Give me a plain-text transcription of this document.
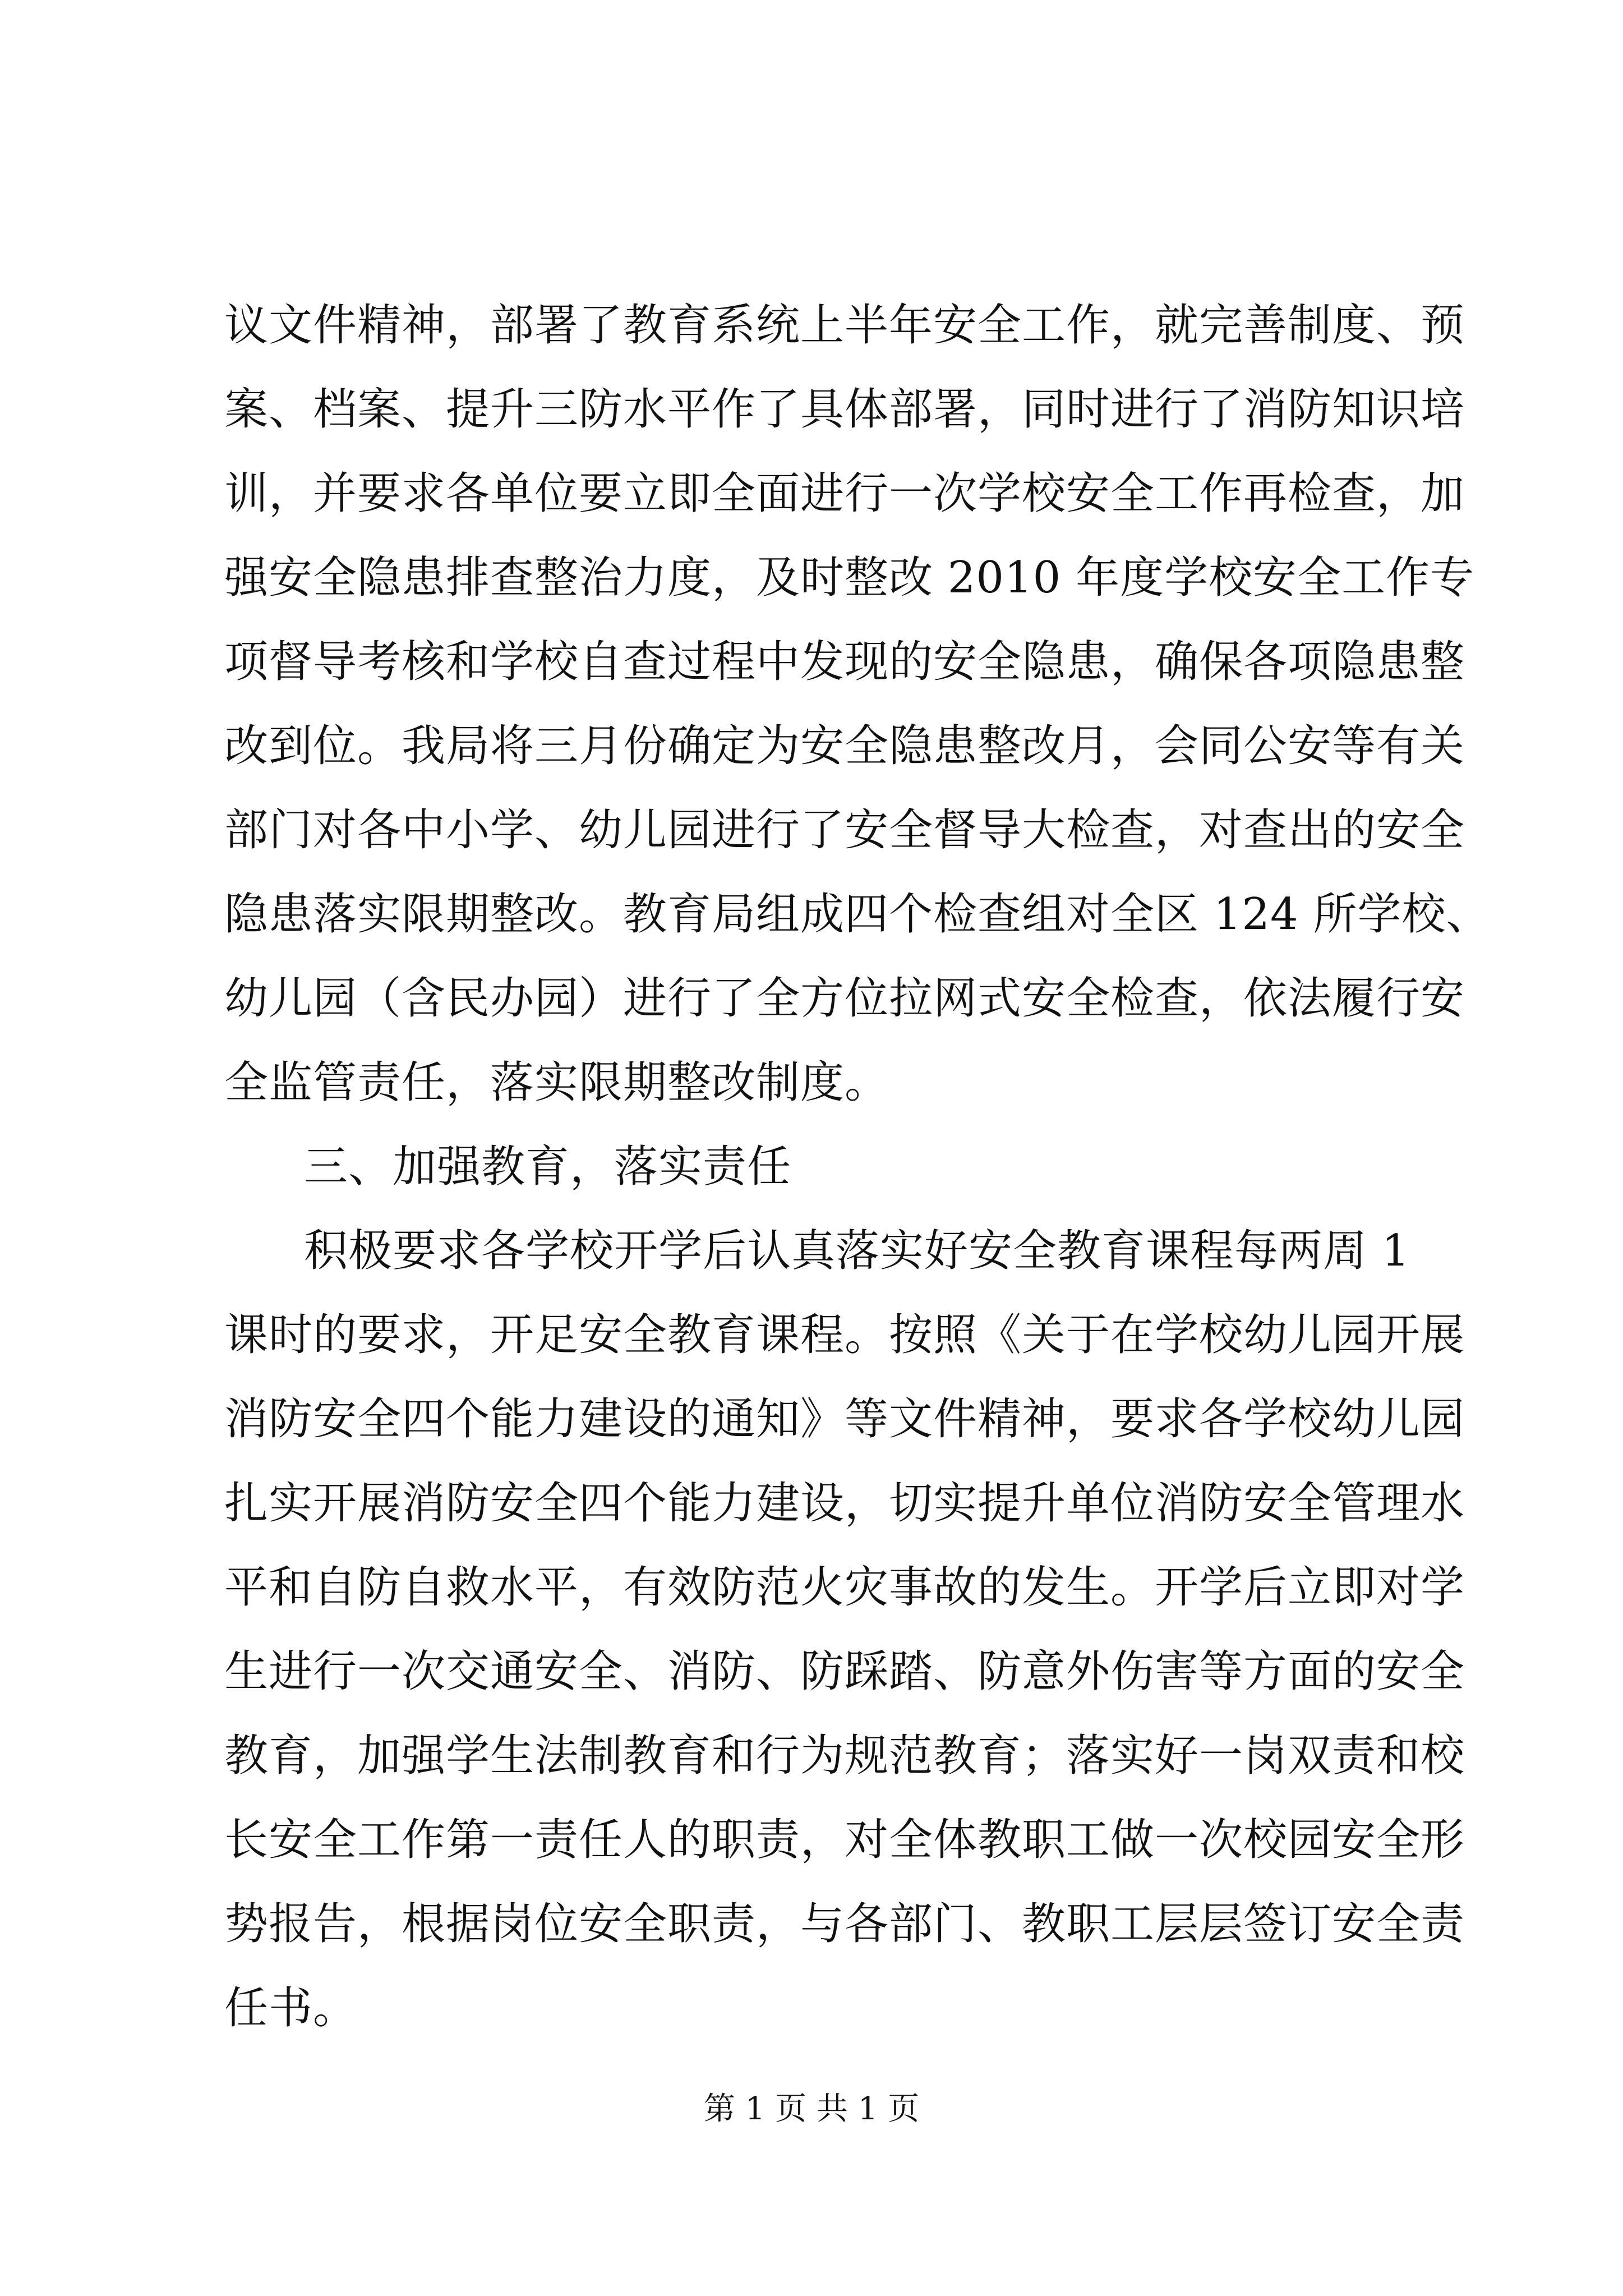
议文件精神，部署了教育系统上半年安全工作，就完善制度、预
案、档案、提升三防水平作了具体部署，同时进行了消防知识培
训，并要求各单位要立即全面进行一次学校安全工作再检查，加
强安全隐患排查整治力度，及时整改 2010 年度学校安全工作专
项督导考核和学校自查过程中发现的安全隐患，确保各项隐患整
改到位。我局将三月份确定为安全隐患整改月，会同公安等有关
部门对各中小学、幼儿园进行了安全督导大检查，对查出的安全
隐患落实限期整改。教育局组成四个检查组对全区 124 所学校、
幼儿园（含民办园）进行了全方位拉网式安全检查，依法履行安
全监管责任，落实限期整改制度。
三、加强教育，落实责任
积极要求各学校开学后认真落实好安全教育课程每两周 1
课时的要求，开足安全教育课程。按照《关于在学校幼儿园开展
消防安全四个能力建设的通知》等文件精神，要求各学校幼儿园
扎实开展消防安全四个能力建设，切实提升单位消防安全管理水
平和自防自救水平，有效防范火灾事故的发生。开学后立即对学
生进行一次交通安全、消防、防踩踏、防意外伤害等方面的安全
教育，加强学生法制教育和行为规范教育；落实好一岗双责和校
长安全工作第一责任人的职责，对全体教职工做一次校园安全形
势报告，根据岗位安全职责，与各部门、教职工层层签订安全责
任书。
第 1 页 共 1 页
